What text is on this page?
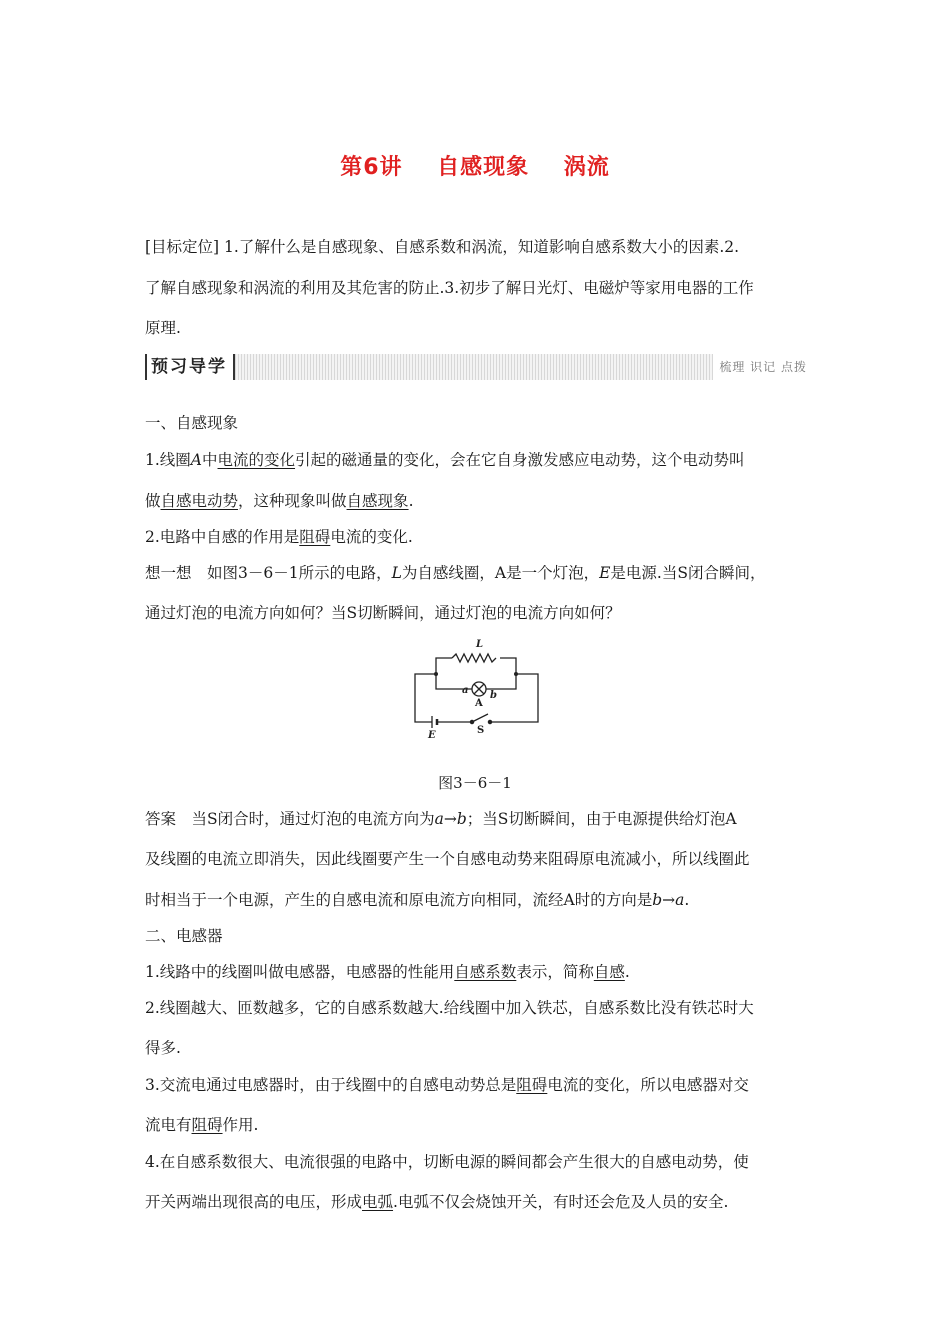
第6讲 自感现象 涡流
[目标定位] 1.了解什么是自感现象、自感系数和涡流，知道影响自感系数大小的因素.2.
了解自感现象和涡流的利用及其危害的防止.3.初步了解日光灯、电磁炉等家用电器的工作
原理.
预习导学	梳理 识记 点拨
一、自感现象
1.线圈A中电流的变化引起的磁通量的变化，会在它自身激发感应电动势，这个电动势叫
做自感电动势，这种现象叫做自感现象.
2.电路中自感的作用是阻碍电流的变化.
想一想　如图3－6－1所示的电路，L为自感线圈，A是一个灯泡，E是电源.当S闭合瞬间，
通过灯泡的电流方向如何？当S切断瞬间，通过灯泡的电流方向如何？
L
a b
A
E	S
图3－6－1
答案　当S闭合时，通过灯泡的电流方向为a→b；当S切断瞬间，由于电源提供给灯泡A
及线圈的电流立即消失，因此线圈要产生一个自感电动势来阻碍原电流减小，所以线圈此
时相当于一个电源，产生的自感电流和原电流方向相同，流经A时的方向是b→a.
二、电感器
1.线路中的线圈叫做电感器，电感器的性能用自感系数表示，简称自感.
2.线圈越大、匝数越多，它的自感系数越大.给线圈中加入铁芯，自感系数比没有铁芯时大
得多.
3.交流电通过电感器时，由于线圈中的自感电动势总是阻碍电流的变化，所以电感器对交
流电有阻碍作用.
4.在自感系数很大、电流很强的电路中，切断电源的瞬间都会产生很大的自感电动势，使
开关两端出现很高的电压，形成电弧.电弧不仅会烧蚀开关，有时还会危及人员的安全.
